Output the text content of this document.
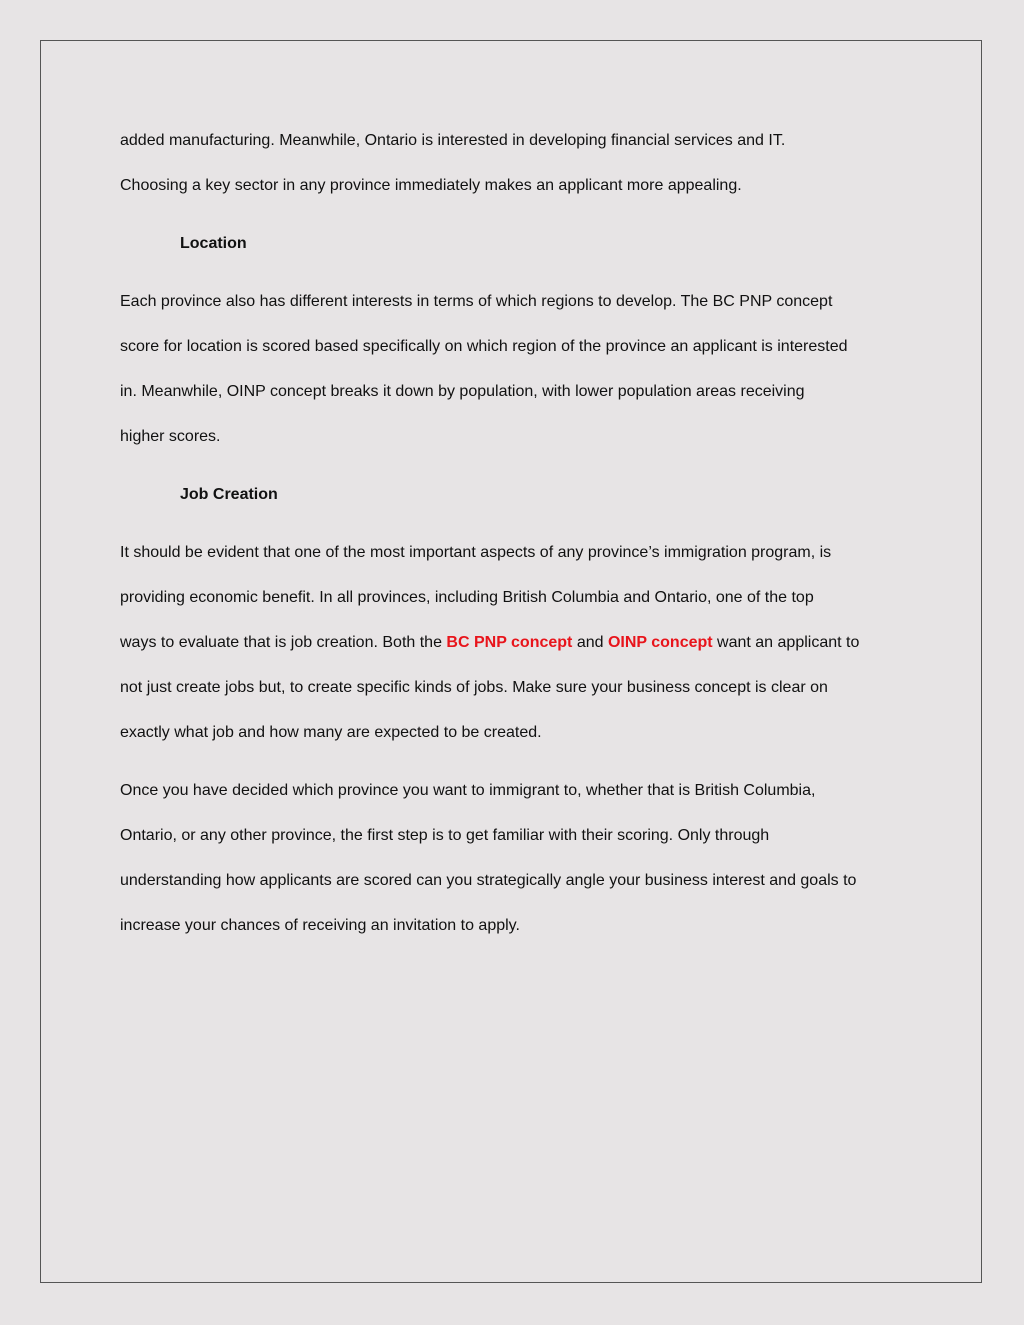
added manufacturing. Meanwhile, Ontario is interested in developing financial services and IT.

Choosing a key sector in any province immediately makes an applicant more appealing.

Location

Each province also has different interests in terms of which regions to develop. The BC PNP concept

score for location is scored based specifically on which region of the province an applicant is interested

in. Meanwhile, OINP concept breaks it down by population, with lower population areas receiving

higher scores.

Job Creation

It should be evident that one of the most important aspects of any province’s immigration program, is

providing economic benefit. In all provinces, including British Columbia and Ontario, one of the top

ways to evaluate that is job creation. Both the BC PNP concept and OINP concept want an applicant to

not just create jobs but, to create specific kinds of jobs. Make sure your business concept is clear on

exactly what job and how many are expected to be created.

Once you have decided which province you want to immigrant to, whether that is British Columbia,

Ontario, or any other province, the first step is to get familiar with their scoring. Only through

understanding how applicants are scored can you strategically angle your business interest and goals to

increase your chances of receiving an invitation to apply.
